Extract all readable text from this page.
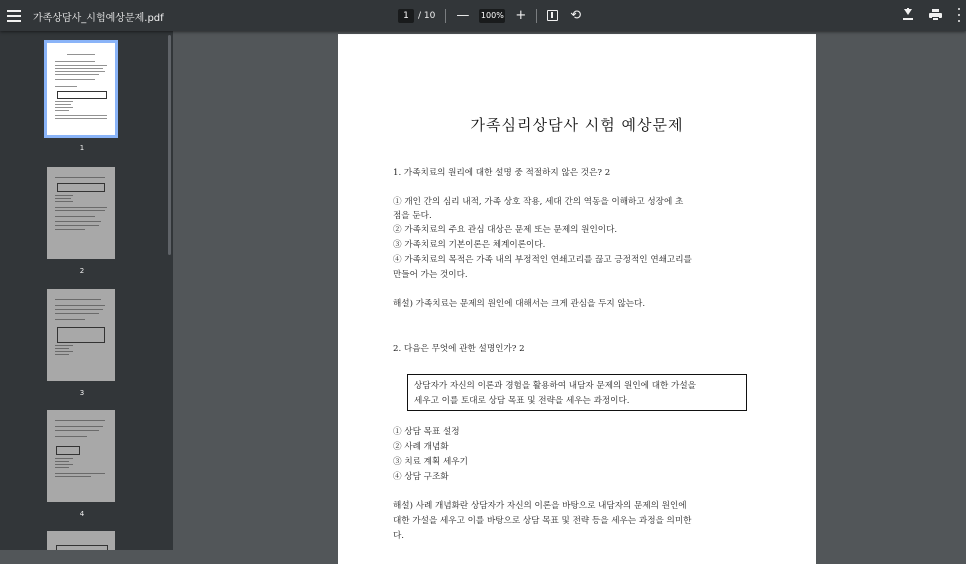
가족상담사_시험예상문제.pdf
1	/ 10 —
100%	+	⟲
1
2
3
4
가족심리상담사 시험 예상문제
1. 가족치료의 원리에 대한 설명 중 적절하지 않은 것은? 2
① 개인 간의 심리 내적, 가족 상호 작용, 세대 간의 역동을 이해하고 성장에 초
점을 둔다.
② 가족치료의 주요 관심 대상은 문제 또는 문제의 원인이다.
③ 가족치료의 기본이론은 체계이론이다.
④ 가족치료의 목적은 가족 내의 부정적인 연쇄고리를 끊고 긍정적인 연쇄고리를
만들어 가는 것이다.
해설) 가족치료는 문제의 원인에 대해서는 크게 관심을 두지 않는다.
2. 다음은 무엇에 관한 설명인가? 2
상담자가 자신의 이론과 경험을 활용하여 내담자 문제의 원인에 대한 가설을
세우고 이를 토대로 상담 목표 및 전략을 세우는 과정이다.
① 상담 목표 설정
② 사례 개념화
③ 치료 계획 세우기
④ 상담 구조화
해설) 사례 개념화란 상담자가 자신의 이론을 바탕으로 내담자의 문제의 원인에
대한 가설을 세우고 이를 바탕으로 상담 목표 및 전략 등을 세우는 과정을 의미한
다.
